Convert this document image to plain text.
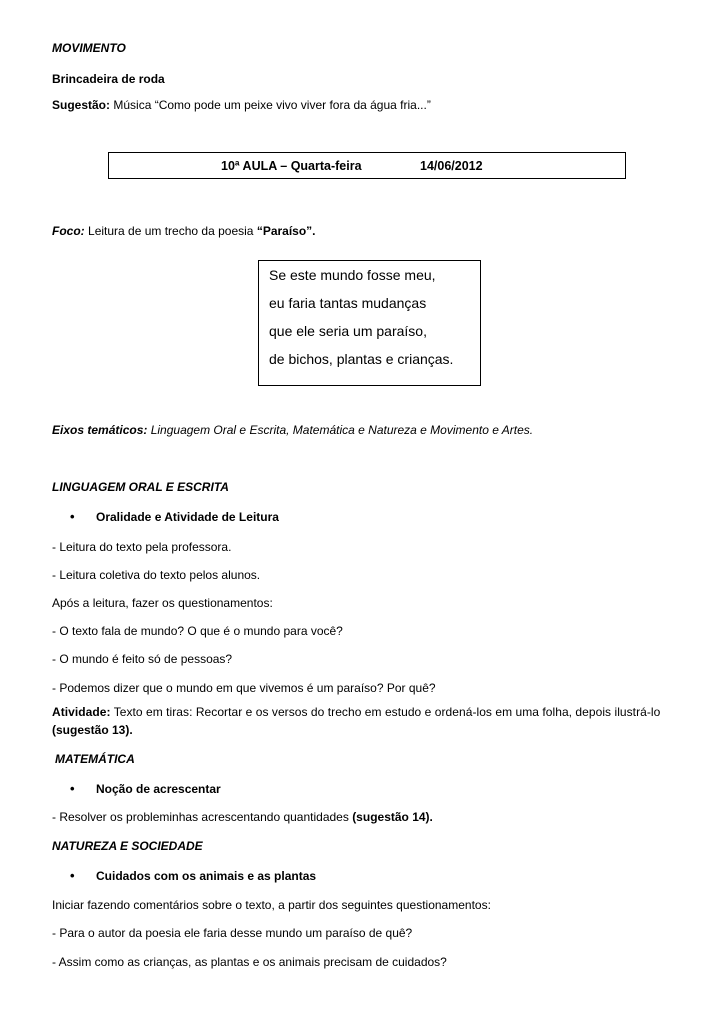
MOVIMENTO
Brincadeira de roda
Sugestão: Música “Como pode um peixe vivo viver fora da água fria...”
10ª AULA – Quarta-feira	14/06/2012
Foco: Leitura de um trecho da poesia “Paraíso”.
Se este mundo fosse meu,
eu faria tantas mudanças
que ele seria um paraíso,
de bichos, plantas e crianças.
Eixos temáticos: Linguagem Oral e Escrita, Matemática e Natureza e Movimento e Artes.
LINGUAGEM ORAL E ESCRITA
• Oralidade e Atividade de Leitura
- Leitura do texto pela professora.
- Leitura coletiva do texto pelos alunos.
Após a leitura, fazer os questionamentos:
- O texto fala de mundo? O que é o mundo para você?
- O mundo é feito só de pessoas?
- Podemos dizer que o mundo em que vivemos é um paraíso? Por quê?
Atividade: Texto em tiras: Recortar e os versos do trecho em estudo e ordená-los em uma folha, depois ilustrá-lo
(sugestão 13).
MATEMÁTICA
• Noção de acrescentar
- Resolver os probleminhas acrescentando quantidades (sugestão 14).
NATUREZA E SOCIEDADE
• Cuidados com os animais e as plantas
Iniciar fazendo comentários sobre o texto, a partir dos seguintes questionamentos:
- Para o autor da poesia ele faria desse mundo um paraíso de quê?
- Assim como as crianças, as plantas e os animais precisam de cuidados?
